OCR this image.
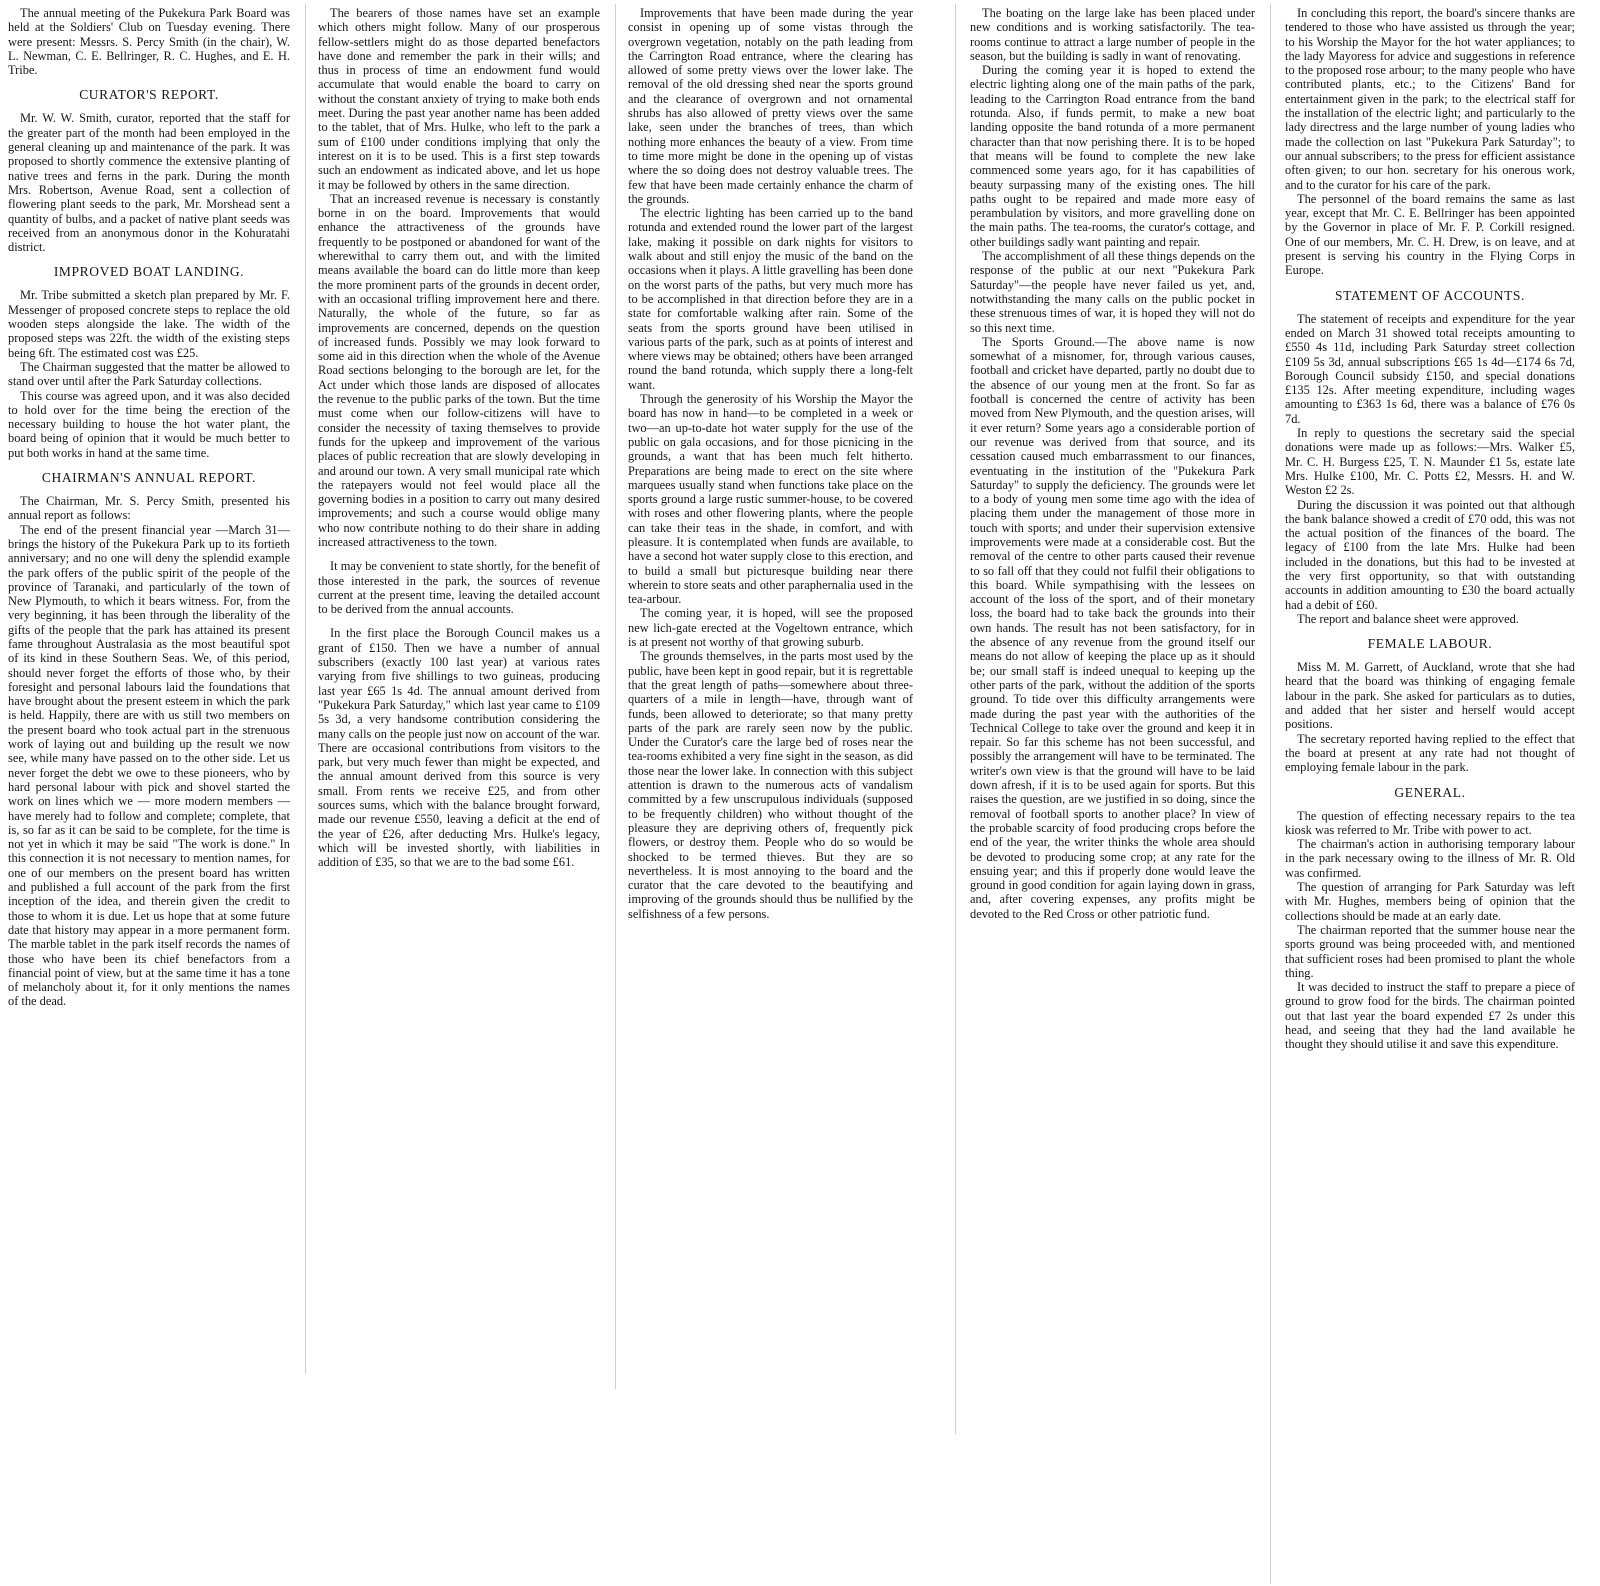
The annual meeting of the Pukekura Park Board was held at the Soldiers' Club on Tuesday evening. There were present: Messrs. S. Percy Smith (in the chair), W. L. Newman, C. E. Bellringer, R. C. Hughes, and E. H. Tribe.

CURATOR'S REPORT.

Mr. W. W. Smith, curator, reported that the staff for the greater part of the month had been employed in the general cleaning up and maintenance of the park. It was proposed to shortly commence the extensive planting of native trees and ferns in the park. During the month Mrs. Robertson, Avenue Road, sent a collection of flowering plant seeds to the park, Mr. Morshead sent a quantity of bulbs, and a packet of native plant seeds was received from an anonymous donor in the Kohuratahi district.

IMPROVED BOAT LANDING.

Mr. Tribe submitted a sketch plan prepared by Mr. F. Messenger of proposed concrete steps to replace the old wooden steps alongside the lake. The width of the proposed steps was 22ft. the width of the existing steps being 6ft. The estimated cost was £25.

The Chairman suggested that the matter be allowed to stand over until after the Park Saturday collections.

This course was agreed upon, and it was also decided to hold over for the time being the erection of the necessary building to house the hot water plant, the board being of opinion that it would be much better to put both works in hand at the same time.

CHAIRMAN'S ANNUAL REPORT.

The Chairman, Mr. S. Percy Smith, presented his annual report as follows:

The end of the present financial year —March 31—brings the history of the Pukekura Park up to its fortieth anniversary; and no one will deny the splendid example the park offers of the public spirit of the people of the province of Taranaki, and particularly of the town of New Plymouth, to which it bears witness. For, from the very beginning, it has been through the liberality of the gifts of the people that the park has attained its present fame throughout Australasia as the most beautiful spot of its kind in these Southern Seas. We, of this period, should never forget the efforts of those who, by their foresight and personal labours laid the foundations that have brought about the present esteem in which the park is held. Happily, there are with us still two members on the present board who took actual part in the strenuous work of laying out and building up the result we now see, while many have passed on to the other side. Let us never forget the debt we owe to these pioneers, who by hard personal labour with pick and shovel started the work on lines which we — more modern members — have merely had to follow and complete; complete, that is, so far as it can be said to be complete, for the time is not yet in which it may be said "The work is done." In this connection it is not necessary to mention names, for one of our members on the present board has written and published a full account of the park from the first inception of the idea, and therein given the credit to those to whom it is due. Let us hope that at some future date that history may appear in a more permanent form. The marble tablet in the park itself records the names of those who have been its chief benefactors from a financial point of view, but at the same time it has a tone of melancholy about it, for it only mentions the names of the dead.

The bearers of those names have set an example which others might follow. Many of our prosperous fellow-settlers might do as those departed benefactors have done and remember the park in their wills; and thus in process of time an endowment fund would accumulate that would enable the board to carry on without the constant anxiety of trying to make both ends meet. During the past year another name has been added to the tablet, that of Mrs. Hulke, who left to the park a sum of £100 under conditions implying that only the interest on it is to be used. This is a first step towards such an endowment as indicated above, and let us hope it may be followed by others in the same direction.

That an increased revenue is necessary is constantly borne in on the board. Improvements that would enhance the attractiveness of the grounds have frequently to be postponed or abandoned for want of the wherewithal to carry them out, and with the limited means available the board can do little more than keep the more prominent parts of the grounds in decent order, with an occasional trifling improvement here and there. Naturally, the whole of the future, so far as improvements are concerned, depends on the question of increased funds. Possibly we may look forward to some aid in this direction when the whole of the Avenue Road sections belonging to the borough are let, for the Act under which those lands are disposed of allocates the revenue to the public parks of the town. But the time must come when our follow-citizens will have to consider the necessity of taxing themselves to provide funds for the upkeep and improvement of the various places of public recreation that are slowly developing in and around our town. A very small municipal rate which the ratepayers would not feel would place all the governing bodies in a position to carry out many desired improvements; and such a course would oblige many who now contribute nothing to do their share in adding increased attractiveness to the town.

It may be convenient to state shortly, for the benefit of those interested in the park, the sources of revenue current at the present time, leaving the detailed account to be derived from the annual accounts.

In the first place the Borough Council makes us a grant of £150. Then we have a number of annual subscribers (exactly 100 last year) at various rates varying from five shillings to two guineas, producing last year £65 1s 4d. The annual amount derived from "Pukekura Park Saturday," which last year came to £109 5s 3d, a very handsome contribution considering the many calls on the people just now on account of the war. There are occasional contributions from visitors to the park, but very much fewer than might be expected, and the annual amount derived from this source is very small. From rents we receive £25, and from other sources sums, which with the balance brought forward, made our revenue £550, leaving a deficit at the end of the year of £26, after deducting Mrs. Hulke's legacy, which will be invested shortly, with liabilities in addition of £35, so that we are to the bad some £61.

Improvements that have been made during the year consist in opening up of some vistas through the overgrown vegetation, notably on the path leading from the Carrington Road entrance, where the clearing has allowed of some pretty views over the lower lake. The removal of the old dressing shed near the sports ground and the clearance of overgrown and not ornamental shrubs has also allowed of pretty views over the same lake, seen under the branches of trees, than which nothing more enhances the beauty of a view. From time to time more might be done in the opening up of vistas where the so doing does not destroy valuable trees. The few that have been made certainly enhance the charm of the grounds.

The electric lighting has been carried up to the band rotunda and extended round the lower part of the largest lake, making it possible on dark nights for visitors to walk about and still enjoy the music of the band on the occasions when it plays. A little gravelling has been done on the worst parts of the paths, but very much more has to be accomplished in that direction before they are in a state for comfortable walking after rain. Some of the seats from the sports ground have been utilised in various parts of the park, such as at points of interest and where views may be obtained; others have been arranged round the band rotunda, which supply there a long-felt want.

Through the generosity of his Worship the Mayor the board has now in hand—to be completed in a week or two—an up-to-date hot water supply for the use of the public on gala occasions, and for those picnicing in the grounds, a want that has been much felt hitherto. Preparations are being made to erect on the site where marquees usually stand when functions take place on the sports ground a large rustic summer-house, to be covered with roses and other flowering plants, where the people can take their teas in the shade, in comfort, and with pleasure. It is contemplated when funds are available, to have a second hot water supply close to this erection, and to build a small but picturesque building near there wherein to store seats and other paraphernalia used in the tea-arbour.

The coming year, it is hoped, will see the proposed new lich-gate erected at the Vogeltown entrance, which is at present not worthy of that growing suburb.

The grounds themselves, in the parts most used by the public, have been kept in good repair, but it is regrettable that the great length of paths—somewhere about three-quarters of a mile in length—have, through want of funds, been allowed to deteriorate; so that many pretty parts of the park are rarely seen now by the public. Under the Curator's care the large bed of roses near the tea-rooms exhibited a very fine sight in the season, as did those near the lower lake. In connection with this subject attention is drawn to the numerous acts of vandalism committed by a few unscrupulous individuals (supposed to be frequently children) who without thought of the pleasure they are depriving others of, frequently pick flowers, or destroy them. People who do so would be shocked to be termed thieves. But they are so nevertheless. It is most annoying to the board and the curator that the care devoted to the beautifying and improving of the grounds should thus be nullified by the selfishness of a few persons.

The boating on the large lake has been placed under new conditions and is working satisfactorily. The tea-rooms continue to attract a large number of people in the season, but the building is sadly in want of renovating.

During the coming year it is hoped to extend the electric lighting along one of the main paths of the park, leading to the Carrington Road entrance from the band rotunda. Also, if funds permit, to make a new boat landing opposite the band rotunda of a more permanent character than that now perishing there. It is to be hoped that means will be found to complete the new lake commenced some years ago, for it has capabilities of beauty surpassing many of the existing ones. The hill paths ought to be repaired and made more easy of perambulation by visitors, and more gravelling done on the main paths. The tea-rooms, the curator's cottage, and other buildings sadly want painting and repair.

The accomplishment of all these things depends on the response of the public at our next "Pukekura Park Saturday"—the people have never failed us yet, and, notwithstanding the many calls on the public pocket in these strenuous times of war, it is hoped they will not do so this next time.

The Sports Ground.—The above name is now somewhat of a misnomer, for, through various causes, football and cricket have departed, partly no doubt due to the absence of our young men at the front. So far as football is concerned the centre of activity has been moved from New Plymouth, and the question arises, will it ever return? Some years ago a considerable portion of our revenue was derived from that source, and its cessation caused much embarrassment to our finances, eventuating in the institution of the "Pukekura Park Saturday" to supply the deficiency. The grounds were let to a body of young men some time ago with the idea of placing them under the management of those more in touch with sports; and under their supervision extensive improvements were made at a considerable cost. But the removal of the centre to other parts caused their revenue to so fall off that they could not fulfil their obligations to this board. While sympathising with the lessees on account of the loss of the sport, and of their monetary loss, the board had to take back the grounds into their own hands. The result has not been satisfactory, for in the absence of any revenue from the ground itself our means do not allow of keeping the place up as it should be; our small staff is indeed unequal to keeping up the other parts of the park, without the addition of the sports ground. To tide over this difficulty arrangements were made during the past year with the authorities of the Technical College to take over the ground and keep it in repair. So far this scheme has not been successful, and possibly the arrangement will have to be terminated. The writer's own view is that the ground will have to be laid down afresh, if it is to be used again for sports. But this raises the question, are we justified in so doing, since the removal of football sports to another place? In view of the probable scarcity of food producing crops before the end of the year, the writer thinks the whole area should be devoted to producing some crop; at any rate for the ensuing year; and this if properly done would leave the ground in good condition for again laying down in grass, and, after covering expenses, any profits might be devoted to the Red Cross or other patriotic fund.

In concluding this report, the board's sincere thanks are tendered to those who have assisted us through the year; to his Worship the Mayor for the hot water appliances; to the lady Mayoress for advice and suggestions in reference to the proposed rose arbour; to the many people who have contributed plants, etc.; to the Citizens' Band for entertainment given in the park; to the electrical staff for the installation of the electric light; and particularly to the lady directress and the large number of young ladies who made the collection on last "Pukekura Park Saturday"; to our annual subscribers; to the press for efficient assistance often given; to our hon. secretary for his onerous work, and to the curator for his care of the park.

The personnel of the board remains the same as last year, except that Mr. C. E. Bellringer has been appointed by the Governor in place of Mr. F. P. Corkill resigned. One of our members, Mr. C. H. Drew, is on leave, and at present is serving his country in the Flying Corps in Europe.

STATEMENT OF ACCOUNTS.

The statement of receipts and expenditure for the year ended on March 31 showed total receipts amounting to £550 4s 11d, including Park Saturday street collection £109 5s 3d, annual subscriptions £65 1s 4d—£174 6s 7d, Borough Council subsidy £150, and special donations £135 12s. After meeting expenditure, including wages amounting to £363 1s 6d, there was a balance of £76 0s 7d.

In reply to questions the secretary said the special donations were made up as follows:—Mrs. Walker £5, Mr. C. H. Burgess £25, T. N. Maunder £1 5s, estate late Mrs. Hulke £100, Mr. C. Potts £2, Messrs. H. and W. Weston £2 2s.

During the discussion it was pointed out that although the bank balance showed a credit of £70 odd, this was not the actual position of the finances of the board. The legacy of £100 from the late Mrs. Hulke had been included in the donations, but this had to be invested at the very first opportunity, so that with outstanding accounts in addition amounting to £30 the board actually had a debit of £60.

The report and balance sheet were approved.

FEMALE LABOUR.

Miss M. M. Garrett, of Auckland, wrote that she had heard that the board was thinking of engaging female labour in the park. She asked for particulars as to duties, and added that her sister and herself would accept positions.

The secretary reported having replied to the effect that the board at present at any rate had not thought of employing female labour in the park.

GENERAL.

The question of effecting necessary repairs to the tea kiosk was referred to Mr. Tribe with power to act.

The chairman's action in authorising temporary labour in the park necessary owing to the illness of Mr. R. Old was confirmed.

The question of arranging for Park Saturday was left with Mr. Hughes, members being of opinion that the collections should be made at an early date.

The chairman reported that the summer house near the sports ground was being proceeded with, and mentioned that sufficient roses had been promised to plant the whole thing.

It was decided to instruct the staff to prepare a piece of ground to grow food for the birds. The chairman pointed out that last year the board expended £7 2s under this head, and seeing that they had the land available he thought they should utilise it and save this expenditure.
